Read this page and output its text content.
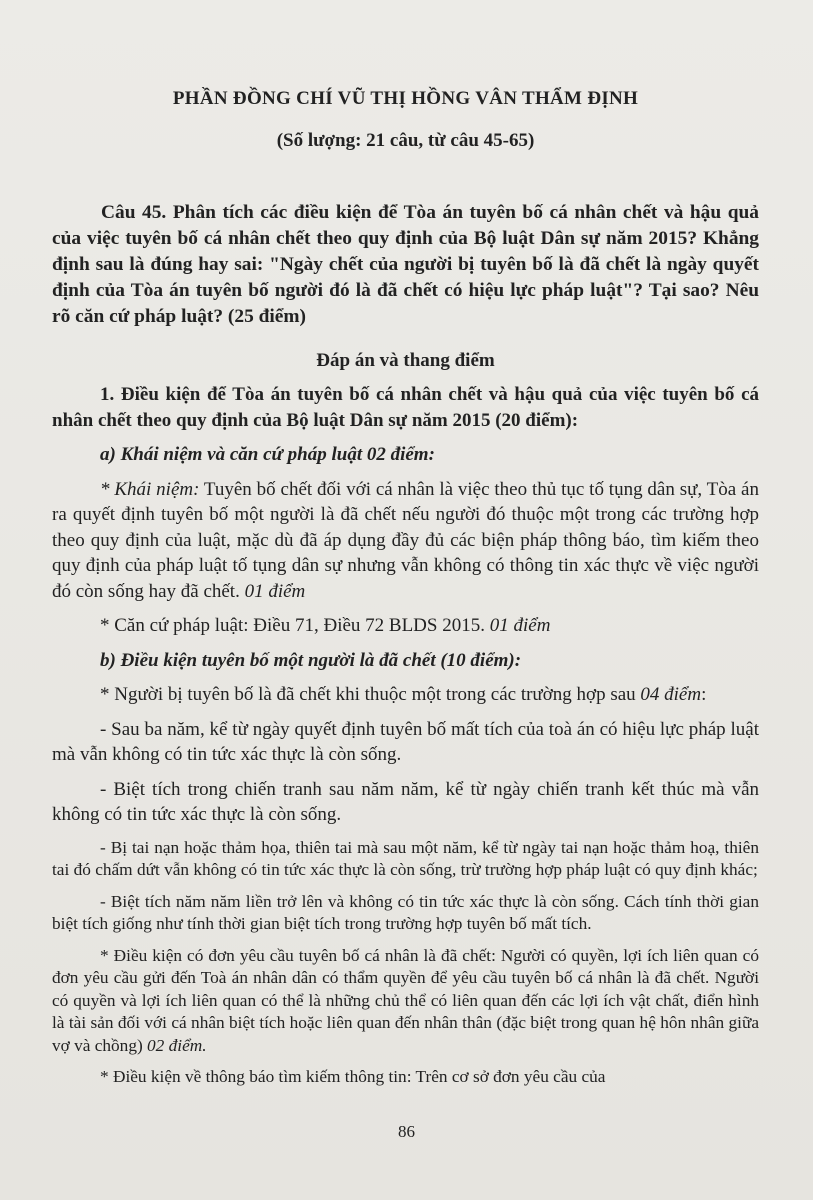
PHẦN ĐỒNG CHÍ VŨ THỊ HỒNG VÂN THẨM ĐỊNH
(Số lượng: 21 câu, từ câu 45-65)
Câu 45. Phân tích các điều kiện để Tòa án tuyên bố cá nhân chết và hậu quả của việc tuyên bố cá nhân chết theo quy định của Bộ luật Dân sự năm 2015? Khẳng định sau là đúng hay sai: "Ngày chết của người bị tuyên bố là đã chết là ngày quyết định của Tòa án tuyên bố người đó là đã chết có hiệu lực pháp luật"? Tại sao? Nêu rõ căn cứ pháp luật? (25 điểm)
Đáp án và thang điểm

1. Điều kiện để Tòa án tuyên bố cá nhân chết và hậu quả của việc tuyên bố cá nhân chết theo quy định của Bộ luật Dân sự năm 2015 (20 điểm):

a) Khái niệm và căn cứ pháp luật 02 điểm:

* Khái niệm: Tuyên bố chết đối với cá nhân là việc theo thủ tục tố tụng dân sự, Tòa án ra quyết định tuyên bố một người là đã chết nếu người đó thuộc một trong các trường hợp theo quy định của luật, mặc dù đã áp dụng đầy đủ các biện pháp thông báo, tìm kiếm theo quy định của pháp luật tố tụng dân sự nhưng vẫn không có thông tin xác thực về việc người đó còn sống hay đã chết. 01 điểm

* Căn cứ pháp luật: Điều 71, Điều 72 BLDS 2015. 01 điểm

b) Điều kiện tuyên bố một người là đã chết (10 điểm):

* Người bị tuyên bố là đã chết khi thuộc một trong các trường hợp sau 04 điểm:

- Sau ba năm, kể từ ngày quyết định tuyên bố mất tích của toà án có hiệu lực pháp luật mà vẫn không có tin tức xác thực là còn sống.

- Biệt tích trong chiến tranh sau năm năm, kể từ ngày chiến tranh kết thúc mà vẫn không có tin tức xác thực là còn sống.

- Bị tai nạn hoặc thảm họa, thiên tai mà sau một năm, kể từ ngày tai nạn hoặc thảm hoạ, thiên tai đó chấm dứt vẫn không có tin tức xác thực là còn sống, trừ trường hợp pháp luật có quy định khác;

- Biệt tích năm năm liền trở lên và không có tin tức xác thực là còn sống. Cách tính thời gian biệt tích giống như tính thời gian biệt tích trong trường hợp tuyên bố mất tích.

* Điều kiện có đơn yêu cầu tuyên bố cá nhân là đã chết: Người có quyền, lợi ích liên quan có đơn yêu cầu gửi đến Toà án nhân dân có thẩm quyền để yêu cầu tuyên bố cá nhân là đã chết. Người có quyền và lợi ích liên quan có thể là những chủ thể có liên quan đến các lợi ích vật chất, điển hình là tài sản đối với cá nhân biệt tích hoặc liên quan đến nhân thân (đặc biệt trong quan hệ hôn nhân giữa vợ và chồng) 02 điểm.

* Điều kiện về thông báo tìm kiếm thông tin: Trên cơ sở đơn yêu cầu của

86
